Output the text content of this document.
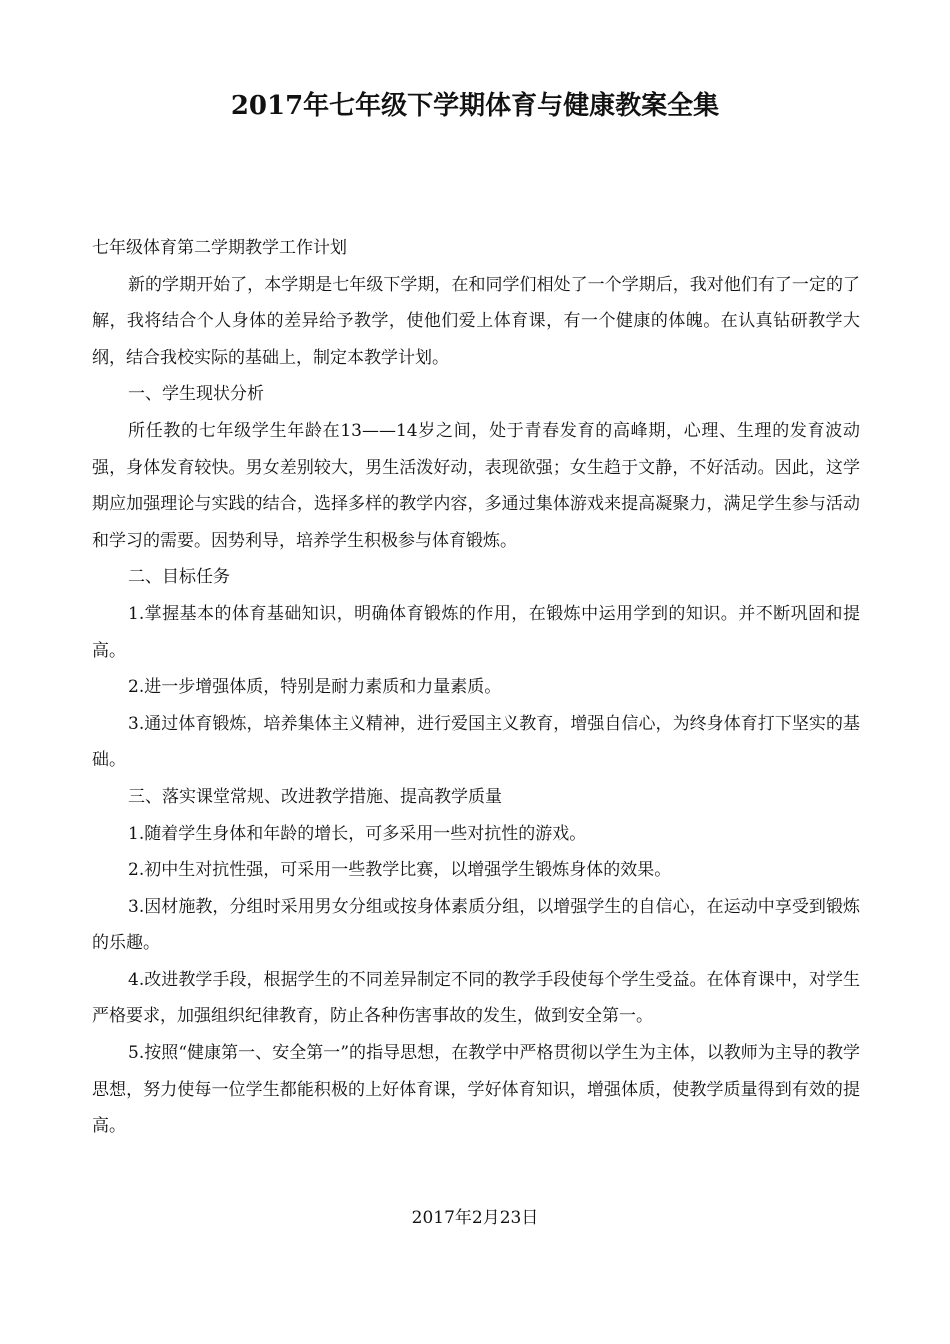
2017年七年级下学期体育与健康教案全集

七年级体育第二学期教学工作计划

新的学期开始了，本学期是七年级下学期，在和同学们相处了一个学期后，我对他们有了一定的了解，我将结合个人身体的差异给予教学，使他们爱上体育课，有一个健康的体魄。在认真钻研教学大纲，结合我校实际的基础上，制定本教学计划。

一、学生现状分析

所任教的七年级学生年龄在13——14岁之间，处于青春发育的高峰期，心理、生理的发育波动强，身体发育较快。男女差别较大，男生活泼好动，表现欲强；女生趋于文静，不好活动。因此，这学期应加强理论与实践的结合，选择多样的教学内容，多通过集体游戏来提高凝聚力，满足学生参与活动和学习的需要。因势利导，培养学生积极参与体育锻炼。

二、目标任务

1.掌握基本的体育基础知识，明确体育锻炼的作用，在锻炼中运用学到的知识。并不断巩固和提高。

2.进一步增强体质，特别是耐力素质和力量素质。

3.通过体育锻炼，培养集体主义精神，进行爱国主义教育，增强自信心，为终身体育打下坚实的基础。

三、落实课堂常规、改进教学措施、提高教学质量

1.随着学生身体和年龄的增长，可多采用一些对抗性的游戏。

2.初中生对抗性强，可采用一些教学比赛，以增强学生锻炼身体的效果。

3.因材施教，分组时采用男女分组或按身体素质分组，以增强学生的自信心，在运动中享受到锻炼的乐趣。

4.改进教学手段，根据学生的不同差异制定不同的教学手段使每个学生受益。在体育课中，对学生严格要求，加强组织纪律教育，防止各种伤害事故的发生，做到安全第一。

5.按照“健康第一、安全第一”的指导思想，在教学中严格贯彻以学生为主体，以教师为主导的教学思想，努力使每一位学生都能积极的上好体育课，学好体育知识，增强体质，使教学质量得到有效的提高。

2017年2月23日
